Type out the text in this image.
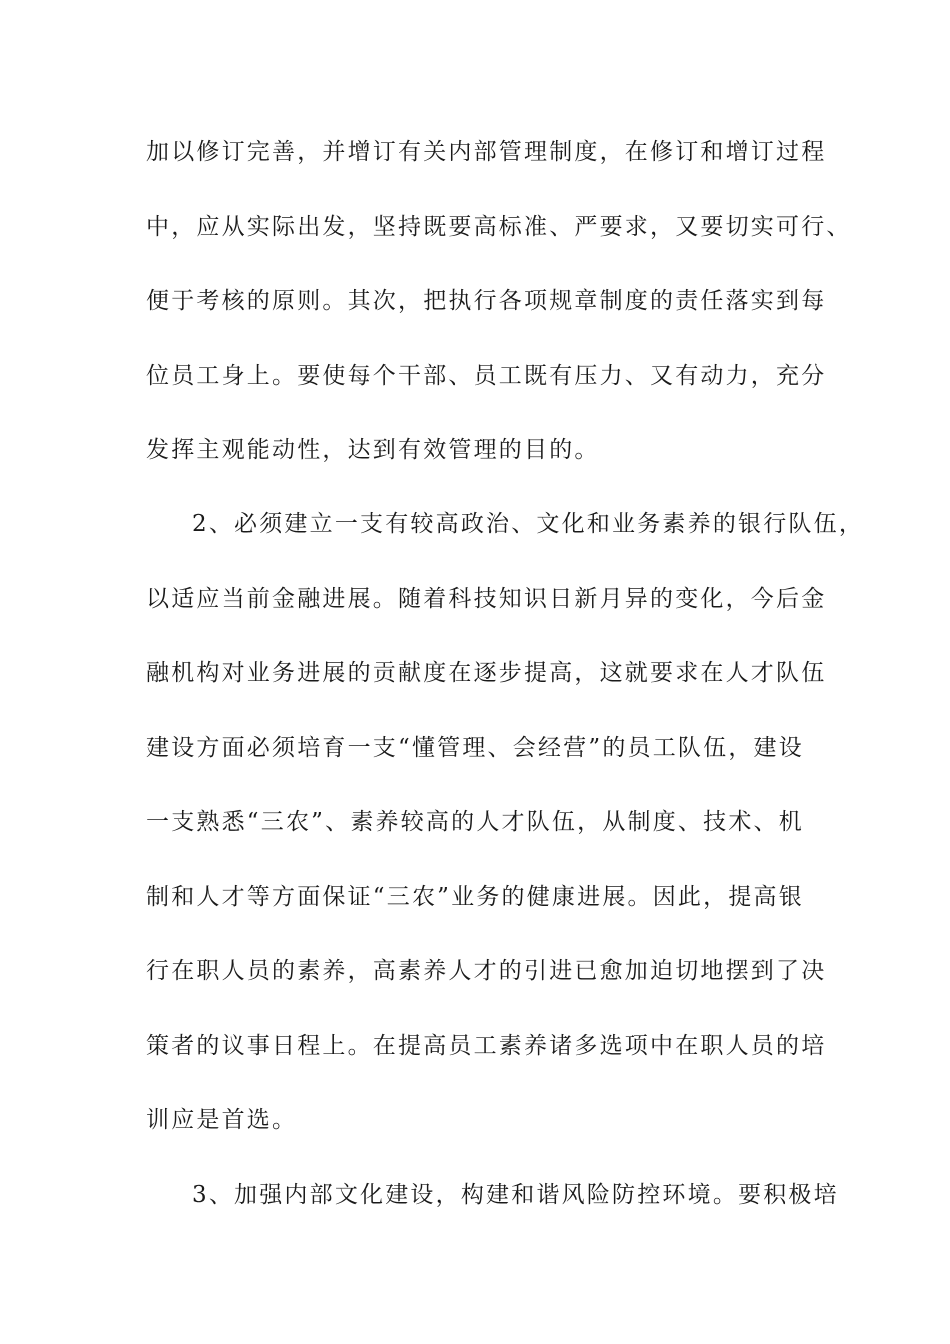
加以修订完善，并增订有关内部管理制度，在修订和增订过程
中，应从实际出发，坚持既要高标准、严要求，又要切实可行、
便于考核的原则。其次，把执行各项规章制度的责任落实到每
位员工身上。要使每个干部、员工既有压力、又有动力，充分
发挥主观能动性，达到有效管理的目的。
2、必须建立一支有较高政治、文化和业务素养的银行队伍，
以适应当前金融进展。随着科技知识日新月异的变化，今后金
融机构对业务进展的贡献度在逐步提高，这就要求在人才队伍
建设方面必须培育一支“懂管理、会经营”的员工队伍，建设
一支熟悉“三农”、素养较高的人才队伍，从制度、技术、机
制和人才等方面保证“三农”业务的健康进展。因此，提高银
行在职人员的素养，高素养人才的引进已愈加迫切地摆到了决
策者的议事日程上。在提高员工素养诸多选项中在职人员的培
训应是首选。
3、加强内部文化建设，构建和谐风险防控环境。要积极培
